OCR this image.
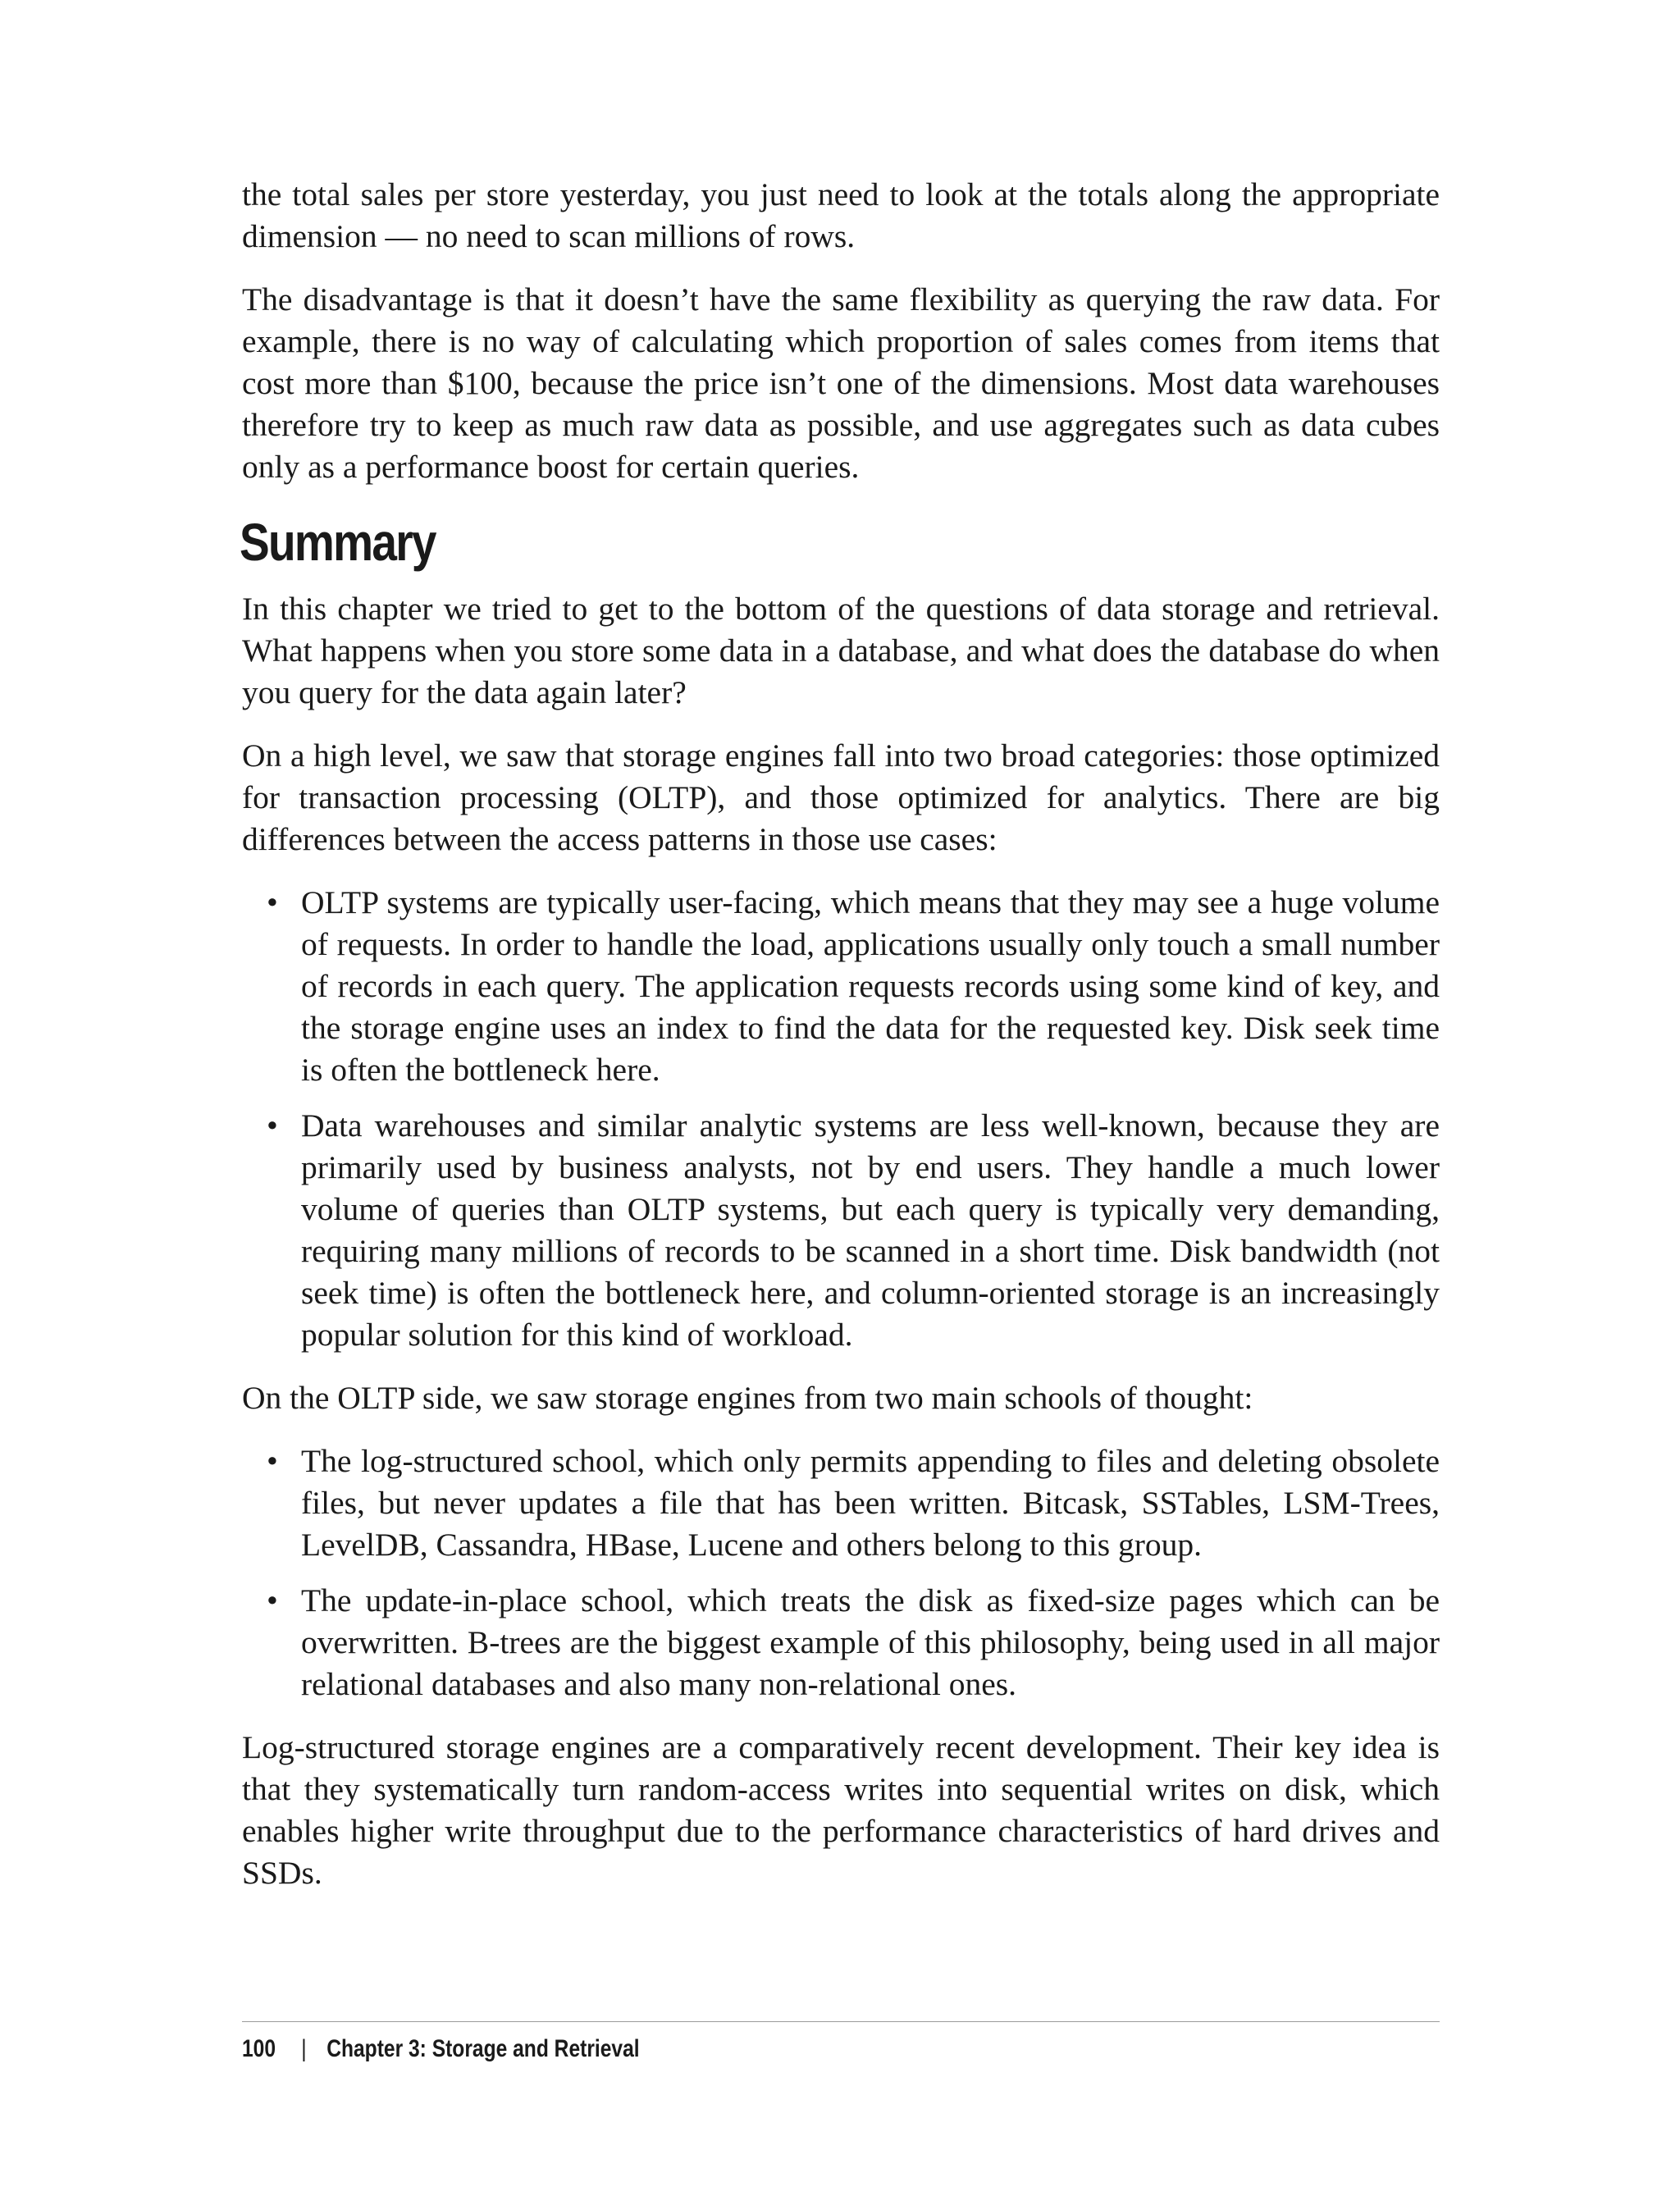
the total sales per store yesterday, you just need to look at the totals along the appropriate dimension — no need to scan millions of rows.

The disadvantage is that it doesn’t have the same flexibility as querying the raw data. For example, there is no way of calculating which proportion of sales comes from items that cost more than $100, because the price isn’t one of the dimensions. Most data warehouses therefore try to keep as much raw data as possible, and use aggregates such as data cubes only as a performance boost for certain queries.

Summary

In this chapter we tried to get to the bottom of the questions of data storage and retrieval. What happens when you store some data in a database, and what does the database do when you query for the data again later?

On a high level, we saw that storage engines fall into two broad categories: those optimized for transaction processing (OLTP), and those optimized for analytics. There are big differences between the access patterns in those use cases:

• OLTP systems are typically user-facing, which means that they may see a huge volume of requests. In order to handle the load, applications usually only touch a small number of records in each query. The application requests records using some kind of key, and the storage engine uses an index to find the data for the requested key. Disk seek time is often the bottleneck here.
• Data warehouses and similar analytic systems are less well-known, because they are primarily used by business analysts, not by end users. They handle a much lower volume of queries than OLTP systems, but each query is typically very demanding, requiring many millions of records to be scanned in a short time. Disk bandwidth (not seek time) is often the bottleneck here, and column-oriented storage is an increasingly popular solution for this kind of workload.

On the OLTP side, we saw storage engines from two main schools of thought:

• The log-structured school, which only permits appending to files and deleting obsolete files, but never updates a file that has been written. Bitcask, SSTables, LSM-Trees, LevelDB, Cassandra, HBase, Lucene and others belong to this group.
• The update-in-place school, which treats the disk as fixed-size pages which can be overwritten. B-trees are the biggest example of this philosophy, being used in all major relational databases and also many non-relational ones.

Log-structured storage engines are a comparatively recent development. Their key idea is that they systematically turn random-access writes into sequential writes on disk, which enables higher write throughput due to the performance characteristics of hard drives and SSDs.

100 | Chapter 3: Storage and Retrieval
